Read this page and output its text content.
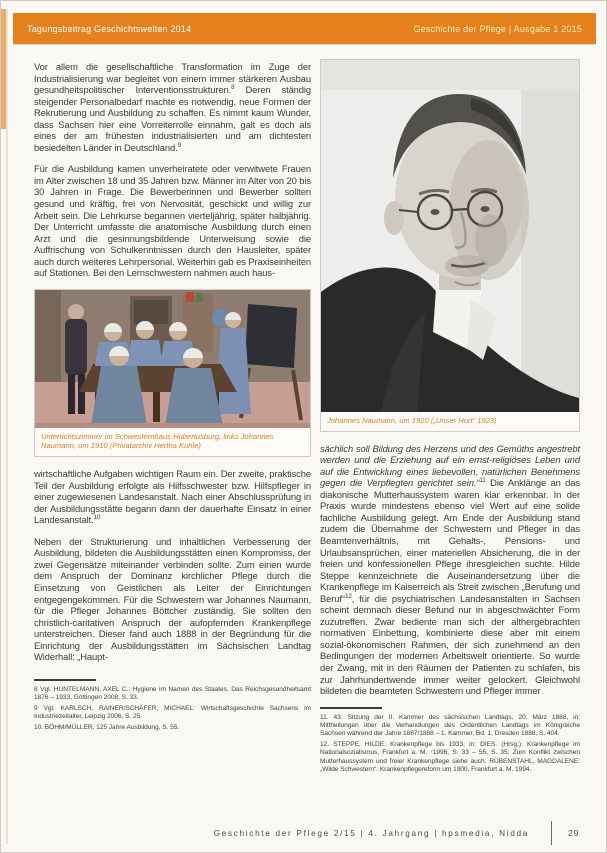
Tagungsbeitrag Geschichtswelten 2014	Geschichte der Pflege | Ausgabe 1 2015

Vor allem die gesellschaftliche Transformation im Zuge der Industrialisierung war begleitet von einem immer stärkeren Ausbau gesundheitspolitischer Interventionsstrukturen.$^8$ Deren ständig steigender Personalbedarf machte es notwendig, neue Formen der Rekrutierung und Ausbildung zu schaffen. Es nimmt kaum Wunder, dass Sachsen hier eine Vorreiterrolle einnahm, galt es doch als eines der am frühesten industrialisierten und am dichtesten besiedelten Länder in Deutschland.$^9$

Für die Ausbildung kamen unverheiratete oder verwitwete Frauen im Alter zwischen 18 und 35 Jahren bzw. Männer im Alter von 20 bis 30 Jahren in Frage. Die Bewerberinnen und Bewerber sollten gesund und kräftig, frei von Nervosität, geschickt und willig zur Arbeit sein. Die Lehrkurse begannen vierteljährig, später halbjährig. Der Unterricht umfasste die anatomische Ausbildung durch einen Arzt und die gesinnungsbildende Unterweisung sowie die Auffrischung von Schulkenntnissen durch den Hausleiter, später auch durch weiteres Lehrpersonal. Weiterhin gab es Praxiseinheiten auf Stationen. Bei den Lernschwestern nahmen auch haus-

Unterrichtszimmer im Schwesternhaus Hubertusburg, links Johannes Naumann, um 1910 (Privatarchiv Hertha Kuhle)

wirtschaftliche Aufgaben wichtigen Raum ein. Der zweite, praktische Teil der Ausbildung erfolgte als Hilfsschwester bzw. Hilfspfleger in einer zugewiesenen Landesanstalt. Nach einer Abschlussprüfung in der Ausbildungsstätte begann dann der dauerhafte Einsatz in einer Landesanstalt.$^{10}$

Neben der Strukturierung und inhaltlichen Verbesserung der Ausbildung, bildeten die Ausbildungsstätten einen Kompromiss, der zwei Gegensätze miteinander verbinden sollte. Zum einen wurde dem Anspruch der Dominanz kirchlicher Pflege durch die Einsetzung von Geistlichen als Leiter der Einrichtungen entgegengekommen. Für die Schwestern war Johannes Naumann, für die Pfleger Johannes Böttcher zuständig. Sie sollten den christlich-caritativen Anspruch der aufopfernden Krankenpflege unterstreichen. Dieser fand auch 1888 in der Begründung für die Einrichtung der Ausbildungsstätten im Sächsischen Landtag Widerhall: „Haupt-

8 Vgl. HUNTELMANN, AXEL C.: Hygiene im Namen des Staates. Das Reichsgesundheitsamt 1876 – 1933, Göttingen 2008, S. 33.

9 Vgl. KARLSCH, RAINER/SCHÄFER, MICHAEL: Wirtschaftsgeschichte Sachsens im Industriezeitalter, Leipzig 2006, S. 25.

10. BÖHM/MÜLLER, 125 Jahre Ausbildung, S. 55.

Johannes Naumann, um 1920 („Unser Hort“ 1923)

sächlich soll Bildung des Herzens und des Gemüths angestrebt werden und die Erziehung auf ein ernst-religiöses Leben und auf die Entwicklung eines liebevollen, natürlichen Benehmens gegen die Verpflegten gerichtet sein.“$^{11}$ Die Anklänge an das diakonische Mutterhaussystem waren klar erkennbar. In der Praxis wurde mindestens ebenso viel Wert auf eine solide fachliche Ausbildung gelegt. Am Ende der Ausbildung stand zudem die Übernahme der Schwestern und Pfleger in das Beamtenverhältnis, mit Gehalts-, Pensions- und Urlaubsansprüchen, einer materiellen Absicherung, die in der freien und konfessionellen Pflege ihresgleichen suchte. Hilde Steppe kennzeichnete die Auseinandersetzung über die Krankenpflege im Kaiserreich als Streit zwischen „Berufung und Beruf“$^{12}$, für die psychiatrischen Landesanstalten in Sachsen scheint demnach dieser Befund nur in abgeschwächter Form zuzutreffen. Zwar bediente man sich der althergebrachten normativen Einbettung, kombinierte diese aber mit einem sozial-ökonomischen Rahmen, der sich zunehmend an den Bedingungen der modernen Arbeitswelt orientierte. So wurde der Zwang, mit in den Räumen der Patienten zu schlafen, bis zur Jahrhundertwende immer weiter gelockert. Gleichwohl bildeten die beamteten Schwestern und Pfleger immer

11. 43. Sitzung der II. Kammer des sächsischen Landtags, 20. März 1888, in: Mittheilungen über die Verhandlungen des Ordentlichen Landtags im Königreiche Sachsen während der Jahre 1887/1888 – 1. Kammer, Bd. 1, Dresden 1888, S. 404.

12. STEPPE, HILDE: Krankenpflege bis 1933, in: DIES. (Hrsg.): Krankenpflege im Nationalsozialismus, Frankfurt a. M. ⁷1996, S. 33 – 55, S. 35; Zum Konflikt zwischen Mutterhaussystem und freier Krankenpflege siehe auch: RÜBENSTAHL, MAGDALENE: „Wilde Schwestern“. Krankenpflegereform um 1900, Frankfurt a. M. 1994.

Geschichte der Pflege 2/15 | 4. Jahrgang | hpsmedia, Nidda	29
